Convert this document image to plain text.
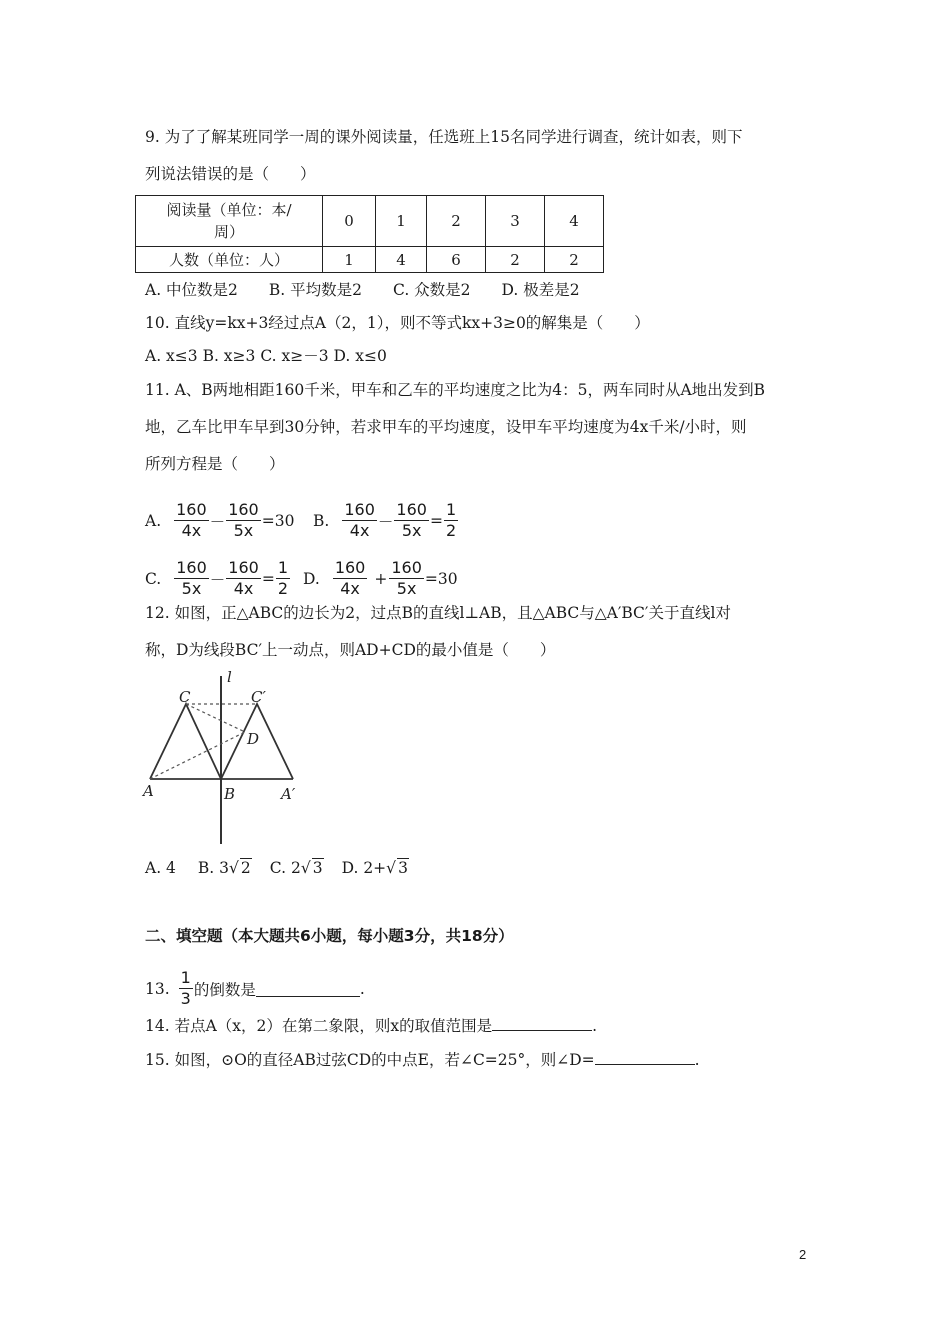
9. 为了了解某班同学一周的课外阅读量，任选班上15名同学进行调查，统计如表，则下
列说法错误的是（　　）
阅读量（单位：本/
周）	0	1	2	3	4
人数（单位：人）	1	4	6	2	2
A. 中位数是2　　B. 平均数是2　　C. 众数是2　　D. 极差是2
10. 直线y=kx+3经过点A（2，1），则不等式kx+3≥0的解集是（　　）
A. x≤3 B. x≥3 C. x≥－3 D. x≤0
11. A、B两地相距160千米，甲车和乙车的平均速度之比为4：5，两车同时从A地出发到B
地，乙车比甲车早到30分钟，若求甲车的平均速度，设甲车平均速度为4x千米/小时，则
所列方程是（　　）
A. $\frac{160}{4x} - \frac{160}{5x} =30$ B. $\frac{160}{4x} - \frac{160}{5x} = \frac{1}{2}$
C. $\frac{160}{5x} - \frac{160}{4x} = \frac{1}{2} D$. $\frac{160}{4x} + \frac{160}{5x} =30$
12. 如图，正△ABC的边长为2，过点B的直线l⊥AB，且△ABC与△A′BC′关于直线l对
称，D为线段BC′上一动点，则AD+CD的最小值是（　　）
l
C	C′
D
A	B	A′
A. 4 B. 3 √ 2 C. 2 √ 3 D. 2+ √ 3
二、填空题（本大题共6小题，每小题3分，共18分）
13. $\frac{1}{3}$ 的倒数是	.
14. 若点A（x，2）在第二象限，则x的取值范围是	.
15. 如图，⊙O的直径AB过弦CD的中点E，若∠C=25°，则∠D=	.
2
